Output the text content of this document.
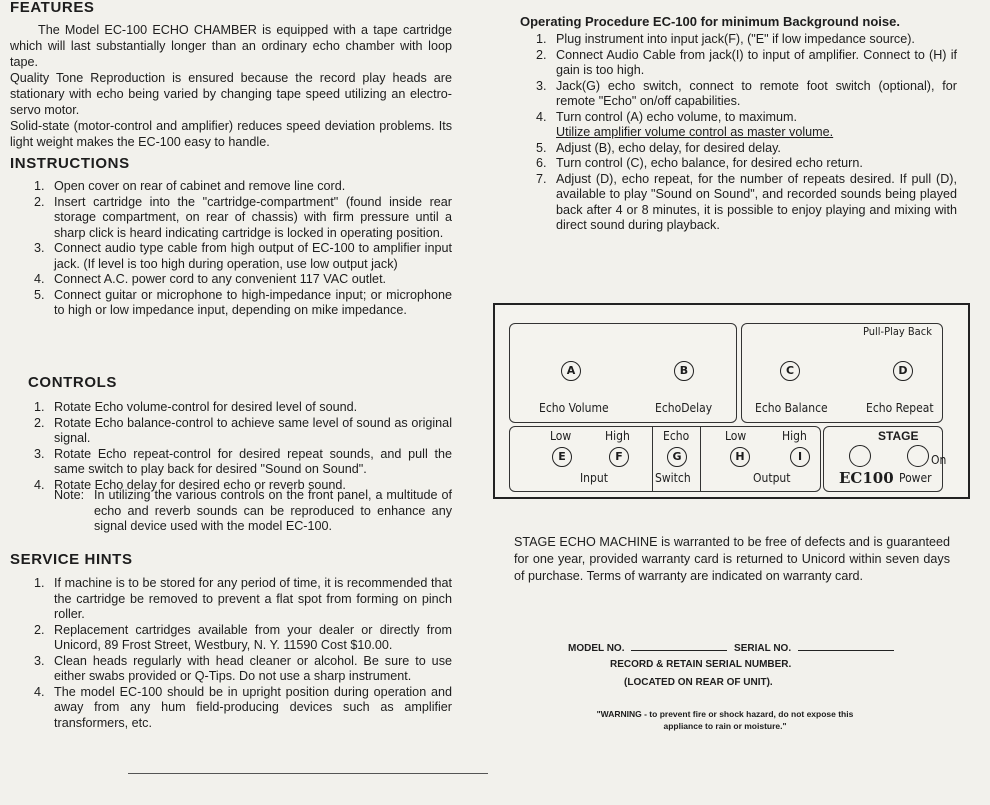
FEATURES

The Model EC-100 ECHO CHAMBER is equipped with a tape cartridge which will last substantially longer than an ordinary echo chamber with loop tape.

Quality Tone Reproduction is ensured because the record play heads are stationary with echo being varied by changing tape speed utilizing an electro-servo motor.

Solid-state (motor-control and amplifier) reduces speed deviation problems. Its light weight makes the EC-100 easy to handle.

INSTRUCTIONS
1. Open cover on rear of cabinet and remove line cord.
2. Insert cartridge into the "cartridge-compartment" (found inside rear storage compartment, on rear of chassis) with firm pressure until a sharp click is heard indicating cartridge is locked in operating position.
3. Connect audio type cable from high output of EC-100 to amplifier input jack. (If level is too high during operation, use low output jack)
4. Connect A.C. power cord to any convenient 117 VAC outlet.
5. Connect guitar or microphone to high-impedance input; or microphone to high or low impedance input, depending on mike impedance.
CONTROLS
1. Rotate Echo volume-control for desired level of sound.
2. Rotate Echo balance-control to achieve same level of sound as original signal.
3. Rotate Echo repeat-control for desired repeat sounds, and pull the same switch to play back for desired "Sound on Sound".
4. Rotate Echo delay for desired echo or reverb sound.
Note: In utilizing the various controls on the front panel, a multitude of echo and reverb sounds can be reproduced to enhance any signal device used with the model EC-100.
SERVICE HINTS
1. If machine is to be stored for any period of time, it is recommended that the cartridge be removed to prevent a flat spot from forming on pinch roller.
2. Replacement cartridges available from your dealer or directly from Unicord, 89 Frost Street, Westbury, N. Y. 11590 Cost $10.00.
3. Clean heads regularly with head cleaner or alcohol. Be sure to use either swabs provided or Q-Tips. Do not use a sharp instrument.
4. The model EC-100 should be in upright position during operation and away from any hum field-producing devices such as amplifier transformers, etc.
Operating Procedure EC-100 for minimum Background noise.
1. Plug instrument into input jack(F), ("E" if low impedance source).
2. Connect Audio Cable from jack(I) to input of amplifier. Connect to (H) if gain is too high.
3. Jack(G) echo switch, connect to remote foot switch (optional), for remote "Echo" on/off capabilities.
4. Turn control (A) echo volume, to maximum.
Utilize amplifier volume control as master volume.
5. Adjust (B), echo delay, for desired delay.
6. Turn control (C), echo balance, for desired echo return.
7. Adjust (D), echo repeat, for the number of repeats desired. If pull (D), available to play "Sound on Sound", and recorded sounds being played back after 4 or 8 minutes, it is possible to enjoy playing and mixing with direct sound during playback.
Pull-Play Back
A	B	C	D
Echo Volume	EchoDelay	Echo Balance	Echo Repeat
Low	High
E	F
Input
Echo
G
Switch
Low	High
H	I
Output
STAGE
On
EC100 Power
STAGE ECHO MACHINE is warranted to be free of defects and is guaranteed for one year, provided warranty card is returned to Unicord within seven days of purchase. Terms of warranty are indicated on warranty card.
MODEL NO.	SERIAL NO.
RECORD & RETAIN SERIAL NUMBER.
(LOCATED ON REAR OF UNIT).
"WARNING - to prevent fire or shock hazard, do not expose this appliance to rain or moisture."
